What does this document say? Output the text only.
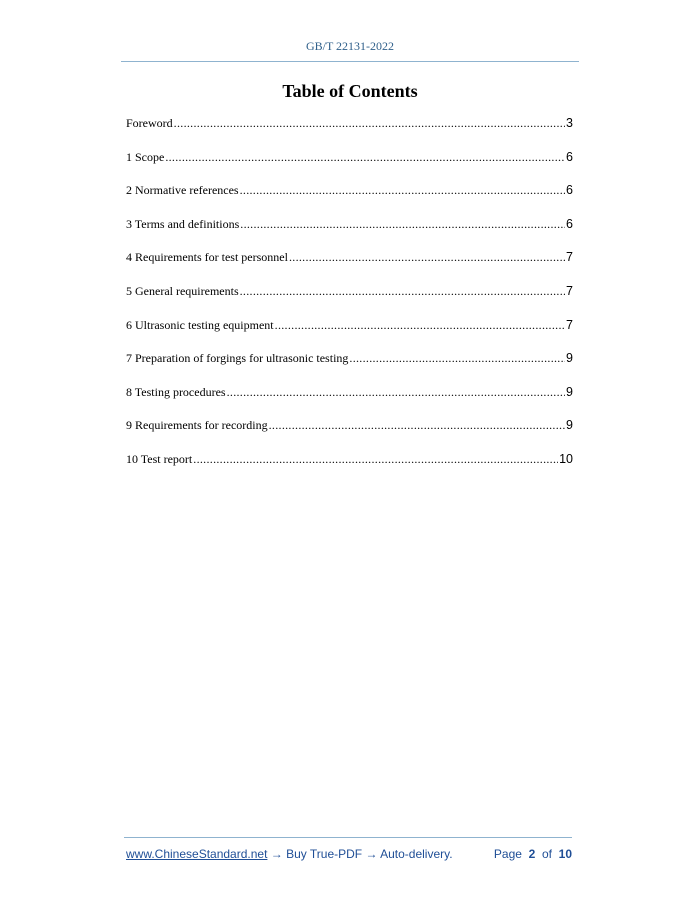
GB/T 22131-2022
Table of Contents
Foreword .....	3
1 Scope .....	6
2 Normative references .....	6
3 Terms and definitions .....	6
4 Requirements for test personnel .....	7
5 General requirements .....	7
6 Ultrasonic testing equipment .....	7
7 Preparation of forgings for ultrasonic testing .....	9
8 Testing procedures .....	9
9 Requirements for recording .....	9
10 Test report .....	10
www.ChineseStandard.net → Buy True-PDF → Auto-delivery.	Page 2 of 10
